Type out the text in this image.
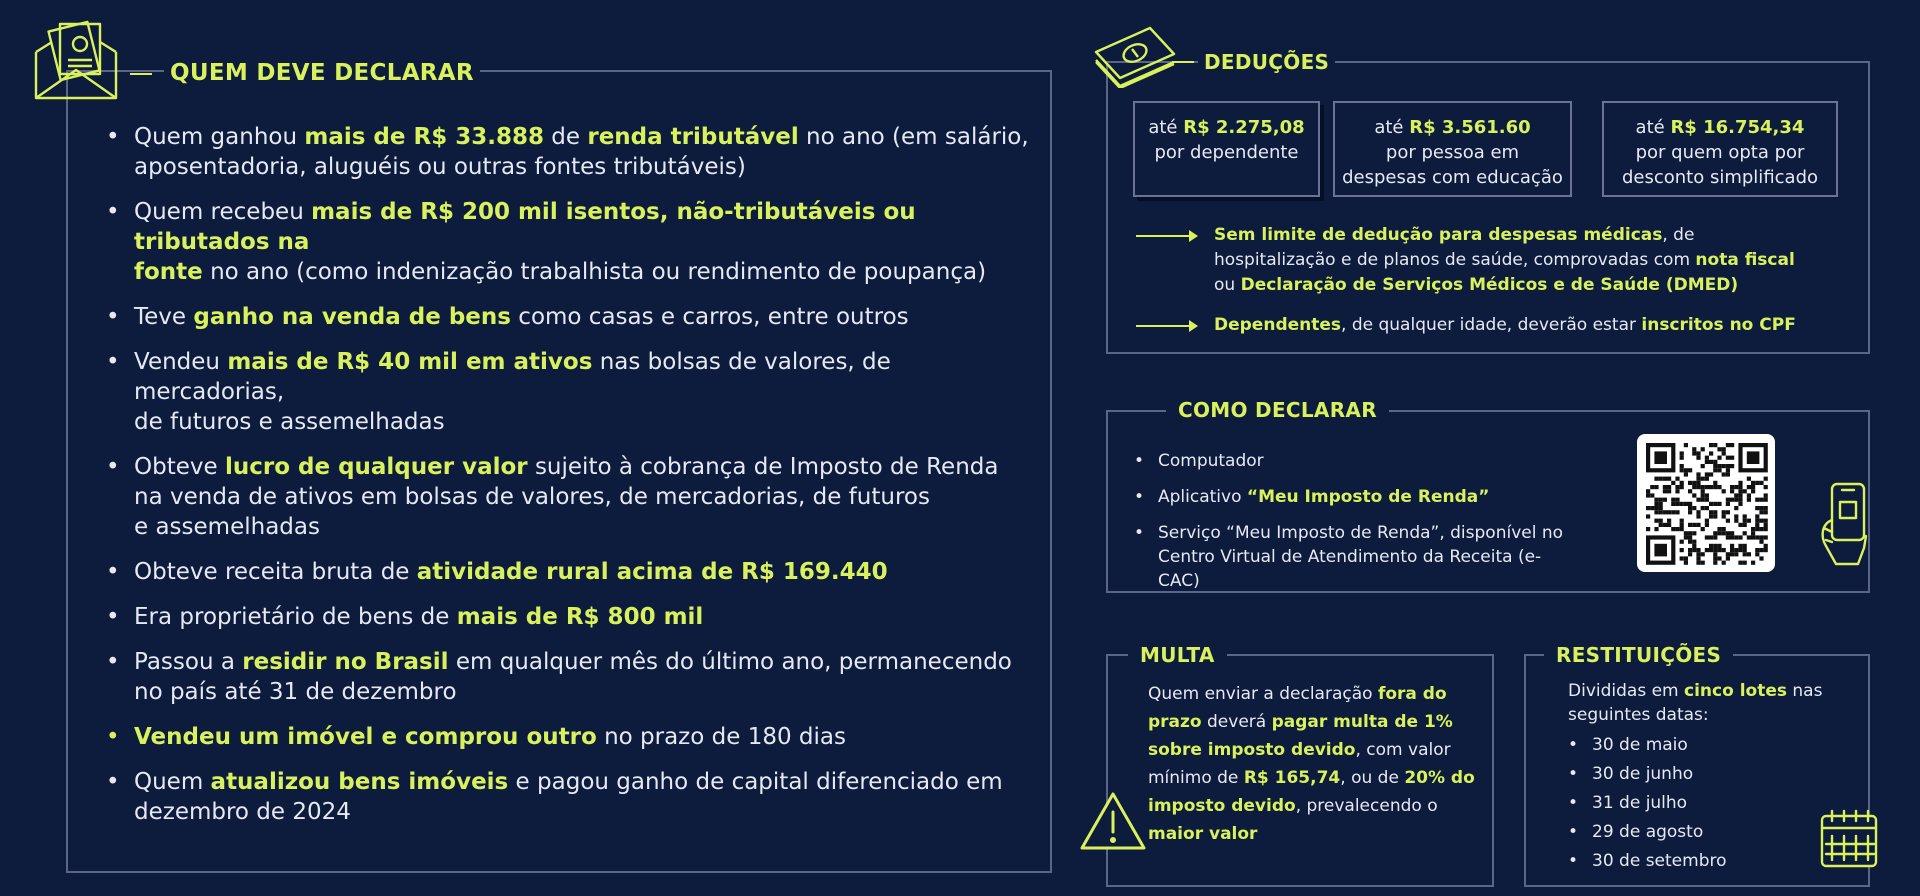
QUEM DEVE DECLARAR
• Quem ganhou mais de R$ 33.888 de renda tributável no ano (em salário,
aposentadoria, aluguéis ou outras fontes tributáveis)
• Quem recebeu mais de R$ 200 mil isentos, não-tributáveis ou tributados na
fonte no ano (como indenização trabalhista ou rendimento de poupança)
• Teve ganho na venda de bens como casas e carros, entre outros
• Vendeu mais de R$ 40 mil em ativos nas bolsas de valores, de mercadorias,
de futuros e assemelhadas
• Obteve lucro de qualquer valor sujeito à cobrança de Imposto de Renda
na venda de ativos em bolsas de valores, de mercadorias, de futuros
e assemelhadas
• Obteve receita bruta de atividade rural acima de R$ 169.440
• Era proprietário de bens de mais de R$ 800 mil
• Passou a residir no Brasil em qualquer mês do último ano, permanecendo
no país até 31 de dezembro
• Vendeu um imóvel e comprou outro no prazo de 180 dias
• Quem atualizou bens imóveis e pagou ganho de capital diferenciado em
dezembro de 2024
DEDUÇÕES
até R$ 2.275,08
por dependente
até R$ 3.561.60
por pessoa em
despesas com educação
até R$ 16.754,34
por quem opta por
desconto simplificado
Sem limite de dedução para despesas médicas, de
hospitalização e de planos de saúde, comprovadas com nota fiscal
ou Declaração de Serviços Médicos e de Saúde (DMED)
Dependentes, de qualquer idade, deverão estar inscritos no CPF
COMO DECLARAR
• Computador
• Aplicativo “Meu Imposto de Renda”
• Serviço “Meu Imposto de Renda”, disponível no
Centro Virtual de Atendimento da Receita (e-CAC)
MULTA
Quem enviar a declaração fora do
prazo deverá pagar multa de 1%
sobre imposto devido, com valor
mínimo de R$ 165,74, ou de 20% do
imposto devido, prevalecendo o
maior valor
RESTITUIÇÕES
Divididas em cinco lotes nas
seguintes datas:
• 30 de maio
• 30 de junho
• 31 de julho
• 29 de agosto
• 30 de setembro
